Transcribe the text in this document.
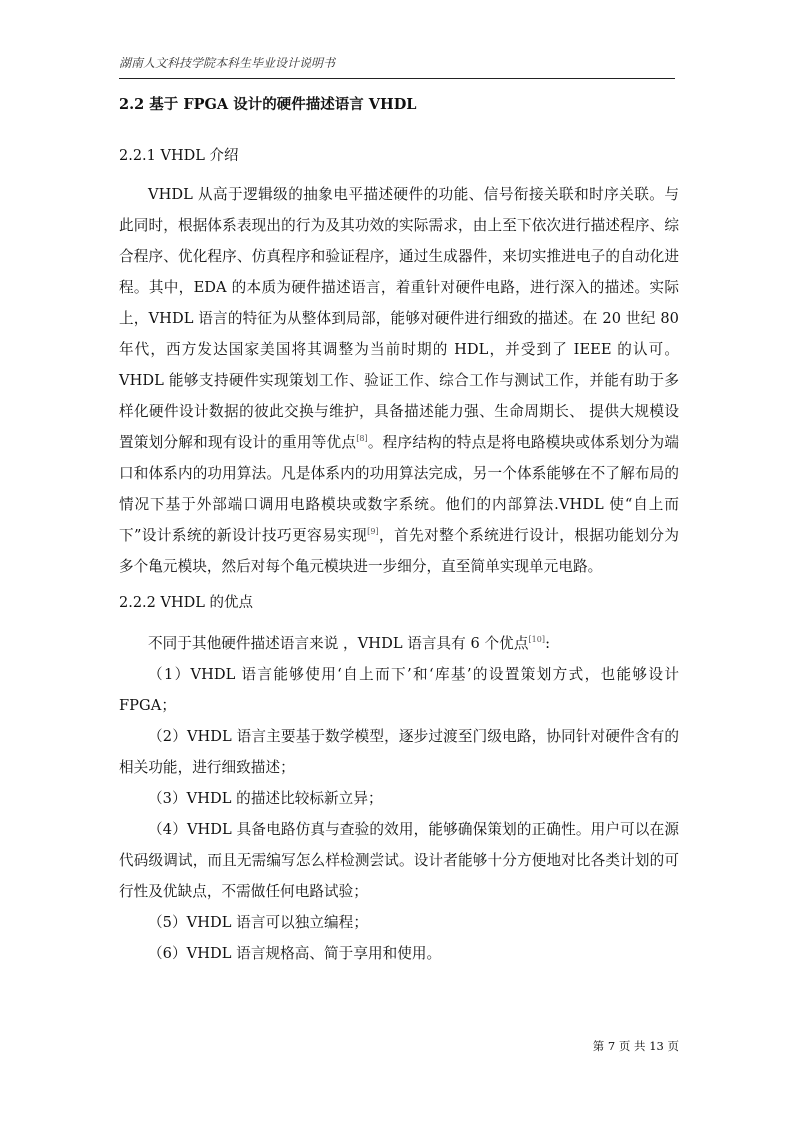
湖南人文科技学院本科生毕业设计说明书
2.2 基于 FPGA 设计的硬件描述语言 VHDL
2.2.1 VHDL 介绍

VHDL 从高于逻辑级的抽象电平描述硬件的功能、信号衔接关联和时序关联。与此同时，根据体系表现出的行为及其功效的实际需求，由上至下依次进行描述程序、综合程序、优化程序、仿真程序和验证程序，通过生成器件，来切实推进电子的自动化进程。其中，EDA 的本质为硬件描述语言，着重针对硬件电路，进行深入的描述。实际上，VHDL 语言的特征为从整体到局部，能够对硬件进行细致的描述。在 20 世纪 80 年代，西方发达国家美国将其调整为当前时期的 HDL，并受到了 IEEE 的认可。VHDL 能够支持硬件实现策划工作、验证工作、综合工作与测试工作，并能有助于多样化硬件设计数据的彼此交换与维护，具备描述能力强、生命周期长、 提供大规模设置策划分解和现有设计的重用等优点[8]。程序结构的特点是将电路模块或体系划分为端口和体系内的功用算法。凡是体系内的功用算法完成，另一个体系能够在不了解布局的情况下基于外部端口调用电路模块或数字系统。他们的内部算法.VHDL 使“自上而下”设计系统的新设计技巧更容易实现[9]，首先对整个系统进行设计，根据功能划分为多个亀元模块，然后对每个亀元模块进一步细分，直至简单实现单元电路。

2.2.2 VHDL 的优点

不同于其他硬件描述语言来说 ，VHDL 语言具有 6 个优点[10]:

（1）VHDL 语言能够使用‘自上而下’和‘库基’的设置策划方式，也能够设计 FPGA；

（2）VHDL 语言主要基于数学模型，逐步过渡至门级电路，协同针对硬件含有的相关功能，进行细致描述；

（3）VHDL 的描述比较标新立异；

（4）VHDL 具备电路仿真与查验的效用，能够确保策划的正确性。用户可以在源代码级调试，而且无需编写怎么样检测尝试。设计者能够十分方便地对比各类计划的可行性及优缺点，不需做任何电路试验；

（5）VHDL 语言可以独立编程；

（6）VHDL 语言规格高、简于享用和使用。

第 7 页 共 13 页
